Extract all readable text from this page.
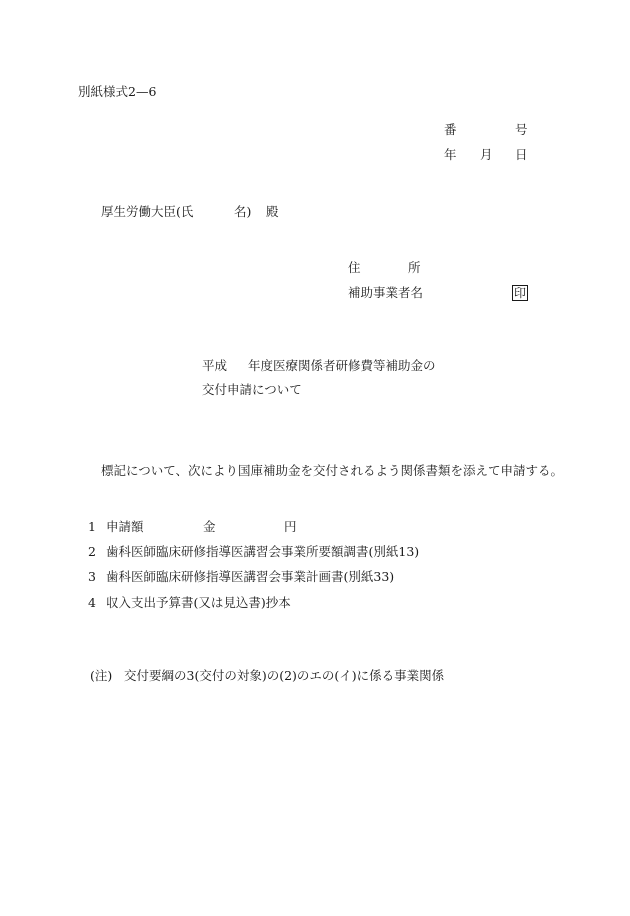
別紙様式2—6
番	号
年 月 日
厚生労働大臣(氏	名) 殿
住	所
補助事業者名	印
平成 年度医療関係者研修費等補助金の
交付申請について
標記について、次により国庫補助金を交付されるよう関係書類を添えて申請する。
1 申請額	金	円
2 歯科医師臨床研修指導医講習会事業所要額調書(別紙13)
3 歯科医師臨床研修指導医講習会事業計画書(別紙33)
4 収入支出予算書(又は見込書)抄本
(注) 交付要綱の3(交付の対象)の(2)のエの(イ)に係る事業関係
